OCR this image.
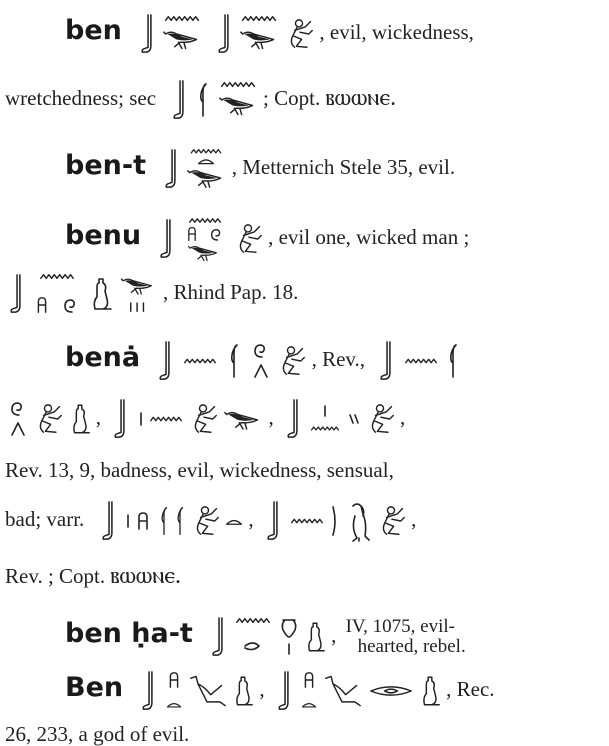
ben

	, evil, wickedness,
wretchedness; sec

	; Copt. ⲃⲱⲱⲛⲉ.
ben-t
	, Metternich Stele 35, evil.
benu

	, evil one, wicked man ;

, Rhind Pap. 18.
benȧ

	, Rev.,

,

	,

	,
Rev. 13, 9, badness, evil, wickedness, sensual,
bad; varr.

	,

	,
Rev. ; Copt. ⲃⲱⲱⲛⲉ.
ben ḥa-t

	, IV, 1075, evil-
hearted, rebel.
Ben

	,

	, Rec.
26, 233, a god of evil.
